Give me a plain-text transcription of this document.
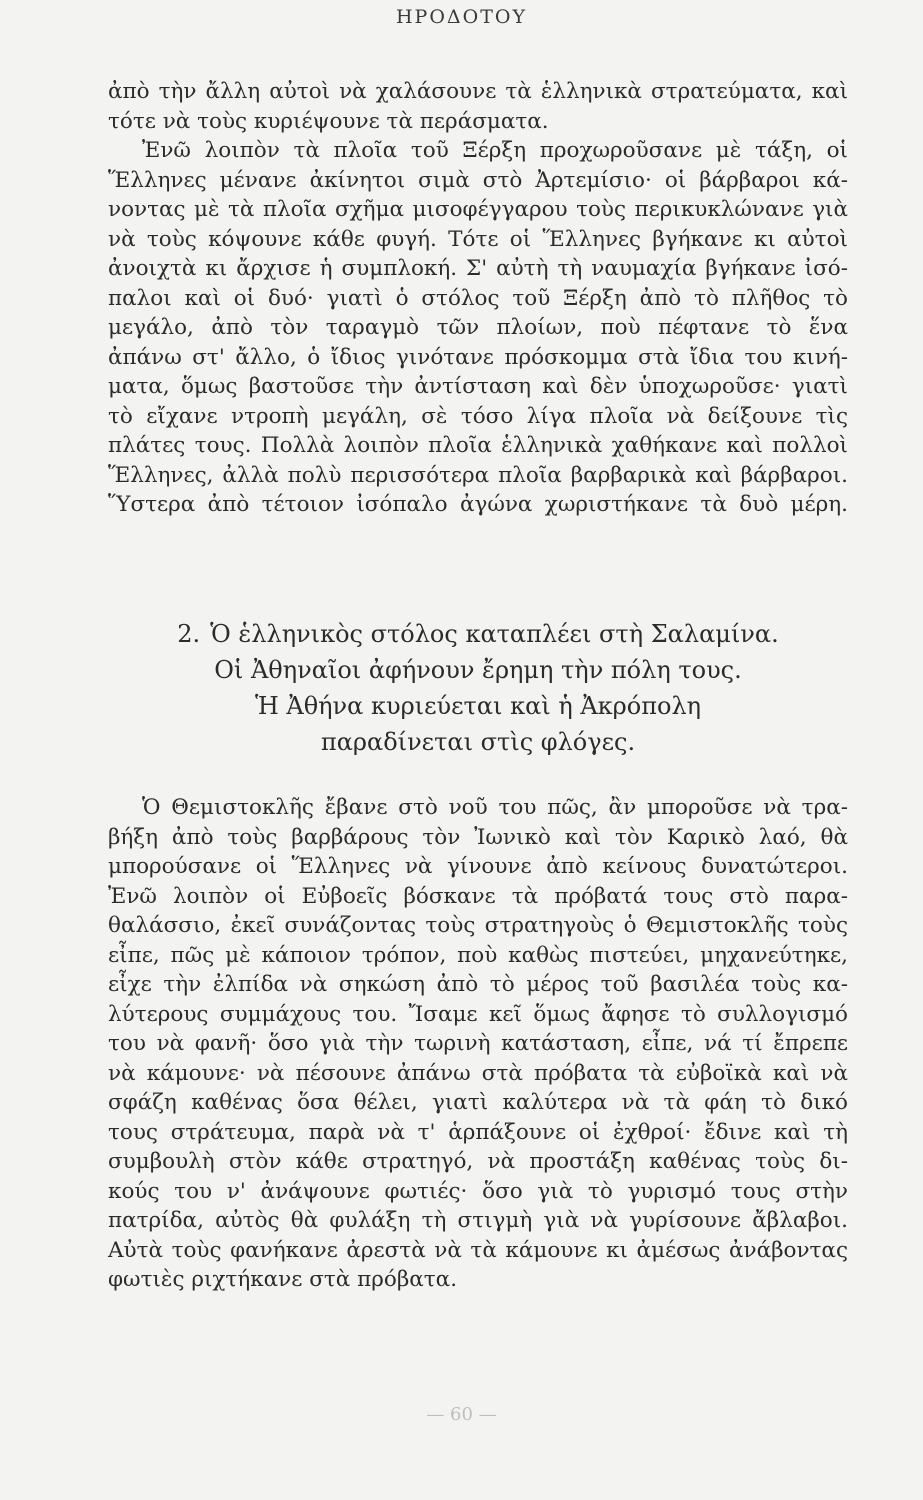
ΗΡΟΔΟΤΟΥ

ἀπὸ τὴν ἄλλη αὐτοὶ νὰ χαλάσουνε τὰ ἑλληνικὰ στρατεύματα, καὶ

τότε νὰ τοὺς κυριέψουνε τὰ περάσματα.

Ἐνῶ λοιπὸν τὰ πλοῖα τοῦ Ξέρξη προχωροῦσανε μὲ τάξη, οἱ

Ἕλληνες μένανε ἀκίνητοι σιμὰ στὸ Ἀρτεμίσιο· οἱ βάρβαροι κά-

νοντας μὲ τὰ πλοῖα σχῆμα μισοφέγγαρου τοὺς περικυκλώνανε γιὰ

νὰ τοὺς κόψουνε κάθε φυγή. Τότε οἱ Ἕλληνες βγήκανε κι αὐτοὶ

ἀνοιχτὰ κι ἄρχισε ἡ συμπλοκή. Σ' αὐτὴ τὴ ναυμαχία βγήκανε ἰσό-

παλοι καὶ οἱ δυό· γιατὶ ὁ στόλος τοῦ Ξέρξη ἀπὸ τὸ πλῆθος τὸ

μεγάλο, ἀπὸ τὸν ταραγμὸ τῶν πλοίων, ποὺ πέφτανε τὸ ἕνα

ἀπάνω στ' ἄλλο, ὁ ἴδιος γινότανε πρόσκομμα στὰ ἴδια του κινή-

ματα, ὅμως βαστοῦσε τὴν ἀντίσταση καὶ δὲν ὑποχωροῦσε· γιατὶ

τὸ εἴχανε ντροπὴ μεγάλη, σὲ τόσο λίγα πλοῖα νὰ δείξουνε τὶς

πλάτες τους. Πολλὰ λοιπὸν πλοῖα ἑλληνικὰ χαθήκανε καὶ πολλοὶ

Ἕλληνες, ἀλλὰ πολὺ περισσότερα πλοῖα βαρβαρικὰ καὶ βάρβαροι.

Ὕστερα ἀπὸ τέτοιον ἰσόπαλο ἀγώνα χωριστήκανε τὰ δυὸ μέρη.

2. Ὁ ἑλληνικὸς στόλος καταπλέει στὴ Σαλαμίνα.

Οἱ Ἀθηναῖοι ἀφήνουν ἔρημη τὴν πόλη τους.

Ἡ Ἀθήνα κυριεύεται καὶ ἡ Ἀκρόπολη

παραδίνεται στὶς φλόγες.

Ὁ Θεμιστοκλῆς ἔβανε στὸ νοῦ του πῶς, ἂν μποροῦσε νὰ τρα-

βήξη ἀπὸ τοὺς βαρβάρους τὸν Ἰωνικὸ καὶ τὸν Καρικὸ λαό, θὰ

μπορούσανε οἱ Ἕλληνες νὰ γίνουνε ἀπὸ κείνους δυνατώτεροι.

Ἐνῶ λοιπὸν οἱ Εὐβοεῖς βόσκανε τὰ πρόβατά τους στὸ παρα-

θαλάσσιο, ἐκεῖ συνάζοντας τοὺς στρατηγοὺς ὁ Θεμιστοκλῆς τοὺς

εἶπε, πῶς μὲ κάποιον τρόπον, ποὺ καθὼς πιστεύει, μηχανεύτηκε,

εἶχε τὴν ἐλπίδα νὰ σηκώση ἀπὸ τὸ μέρος τοῦ βασιλέα τοὺς κα-

λύτερους συμμάχους του. Ἴσαμε κεῖ ὅμως ἄφησε τὸ συλλογισμό

του νὰ φανῆ· ὅσο γιὰ τὴν τωρινὴ κατάσταση, εἶπε, νά τί ἔπρεπε

νὰ κάμουνε· νὰ πέσουνε ἀπάνω στὰ πρόβατα τὰ εὐβοϊκὰ καὶ νὰ

σφάζη καθένας ὅσα θέλει, γιατὶ καλύτερα νὰ τὰ φάη τὸ δικό

τους στράτευμα, παρὰ νὰ τ' ἁρπάξουνε οἱ ἐχθροί· ἔδινε καὶ τὴ

συμβουλὴ στὸν κάθε στρατηγό, νὰ προστάξη καθένας τοὺς δι-

κούς του ν' ἀνάψουνε φωτιές· ὅσο γιὰ τὸ γυρισμό τους στὴν

πατρίδα, αὐτὸς θὰ φυλάξη τὴ στιγμὴ γιὰ νὰ γυρίσουνε ἄβλαβοι.

Αὐτὰ τοὺς φανήκανε ἀρεστὰ νὰ τὰ κάμουνε κι ἀμέσως ἀνάβοντας

φωτιὲς ριχτήκανε στὰ πρόβατα.

— 60 —
